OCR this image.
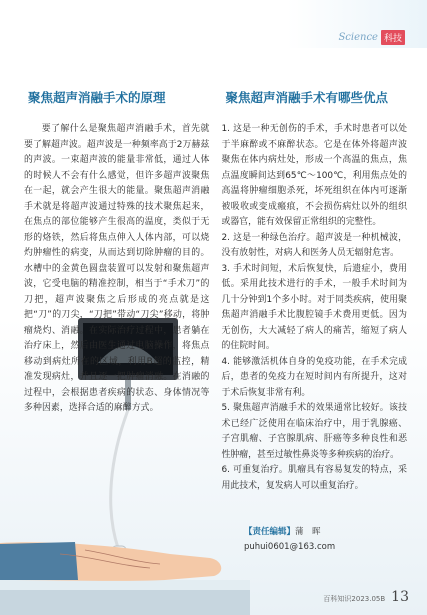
Science 科技
聚焦超声消融手术的原理

要了解什么是聚焦超声消融手术，首先就要了解超声波。超声波是一种频率高于2万赫兹的声波。一束超声波的能量非常低，通过人体的时候人不会有什么感觉，但许多超声波聚焦在一起，就会产生很大的能量。聚焦超声消融手术就是将超声波通过特殊的技术聚焦起来，在焦点的部位能够产生很高的温度，类似于无形的烙铁，然后将焦点伸入人体内部，可以烧灼肿瘤性的病变，从而达到切除肿瘤的目的。水槽中的金黄色圆盘装置可以发射和聚焦超声波，它受电脑的精准控制，相当于“手术刀”的刀把，超声波聚焦之后形成的亮点就是这把“刀”的刀尖，“刀把”带动“刀尖”移动，将肿瘤烧灼、消融。在实际治疗过程中，患者躺在治疗床上，然后由医生通过电脑操作，将焦点移动到病灶所在的区域，利用B超的监控，精准发现病灶，并且逐一把肿瘤消融。在消融的过程中，会根据患者疾病的状态、身体情况等多种因素，选择合适的麻醉方式。

聚焦超声消融手术有哪些优点

1. 这是一种无创伤的手术，手术时患者可以处于半麻醉或不麻醉状态。它是在体外将超声波聚焦在体内病灶处，形成一个高温的焦点，焦点温度瞬间达到65℃～100℃，利用焦点处的高温将肿瘤细胞杀死，坏死组织在体内可逐渐被吸收或变成瘢痕，不会损伤病灶以外的组织或器官，能有效保留正常组织的完整性。

2. 这是一种绿色治疗。超声波是一种机械波，没有放射性，对病人和医务人员无辐射危害。

3. 手术时间短，术后恢复快，后遗症小，费用低。采用此技术进行的手术，一般手术时间为几十分钟到1个多小时。对于同类疾病，使用聚焦超声消融手术比腹腔镜手术费用更低。因为无创伤，大大减轻了病人的痛苦，缩短了病人的住院时间。

4. 能够激活机体自身的免疫功能，在手术完成后，患者的免疫力在短时间内有所提升，这对于术后恢复非常有利。

5. 聚焦超声消融手术的效果通常比较好。该技术已经广泛使用在临床治疗中，用于乳腺癌、子宫肌瘤、子宫腺肌病、肝癌等多种良性和恶性肿瘤，甚至过敏性鼻炎等多种疾病的治疗。

6. 可重复治疗。肌瘤具有容易复发的特点，采用此技术，复发病人可以重复治疗。

【责任编辑】蒲　晖
puhui0601@163.com
百科知识2023.05B 13
